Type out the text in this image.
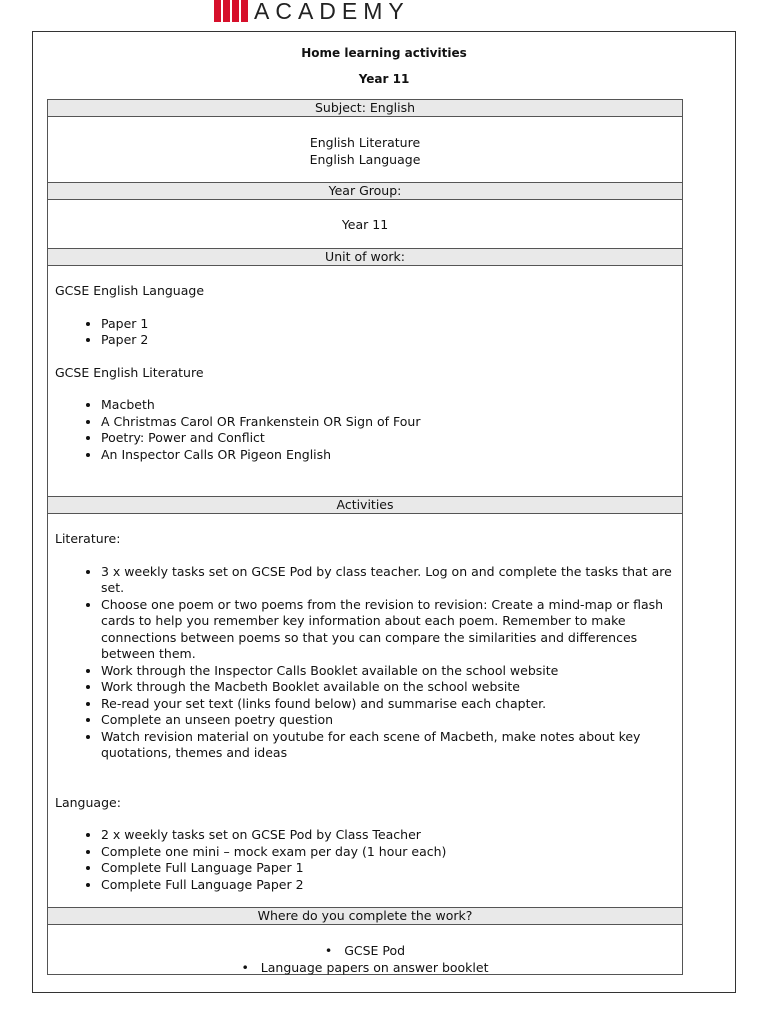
ACADEMY
Home learning activities
Year 11
Subject: English

English Literature

English Language

Year Group:

Year 11

Unit of work:

GCSE English Language

• Paper 1
• Paper 2

GCSE English Literature

• Macbeth
• A Christmas Carol OR Frankenstein OR Sign of Four
• Poetry: Power and Conflict
• An Inspector Calls OR Pigeon English
Activities

Literature:

• 3 x weekly tasks set on GCSE Pod by class teacher. Log on and complete the tasks that are set.
• Choose one poem or two poems from the revision to revision: Create a mind-map or flash cards to help you remember key information about each poem. Remember to make connections between poems so that you can compare the similarities and differences between them.
• Work through the Inspector Calls Booklet available on the school website
• Work through the Macbeth Booklet available on the school website
• Re-read your set text (links found below) and summarise each chapter.
• Complete an unseen poetry question
• Watch revision material on youtube for each scene of Macbeth, make notes about key quotations, themes and ideas

Language:

• 2 x weekly tasks set on GCSE Pod by Class Teacher
• Complete one mini – mock exam per day (1 hour each)
• Complete Full Language Paper 1
• Complete Full Language Paper 2
Where do you complete the work?

•   GCSE Pod

•   Language papers on answer booklet
